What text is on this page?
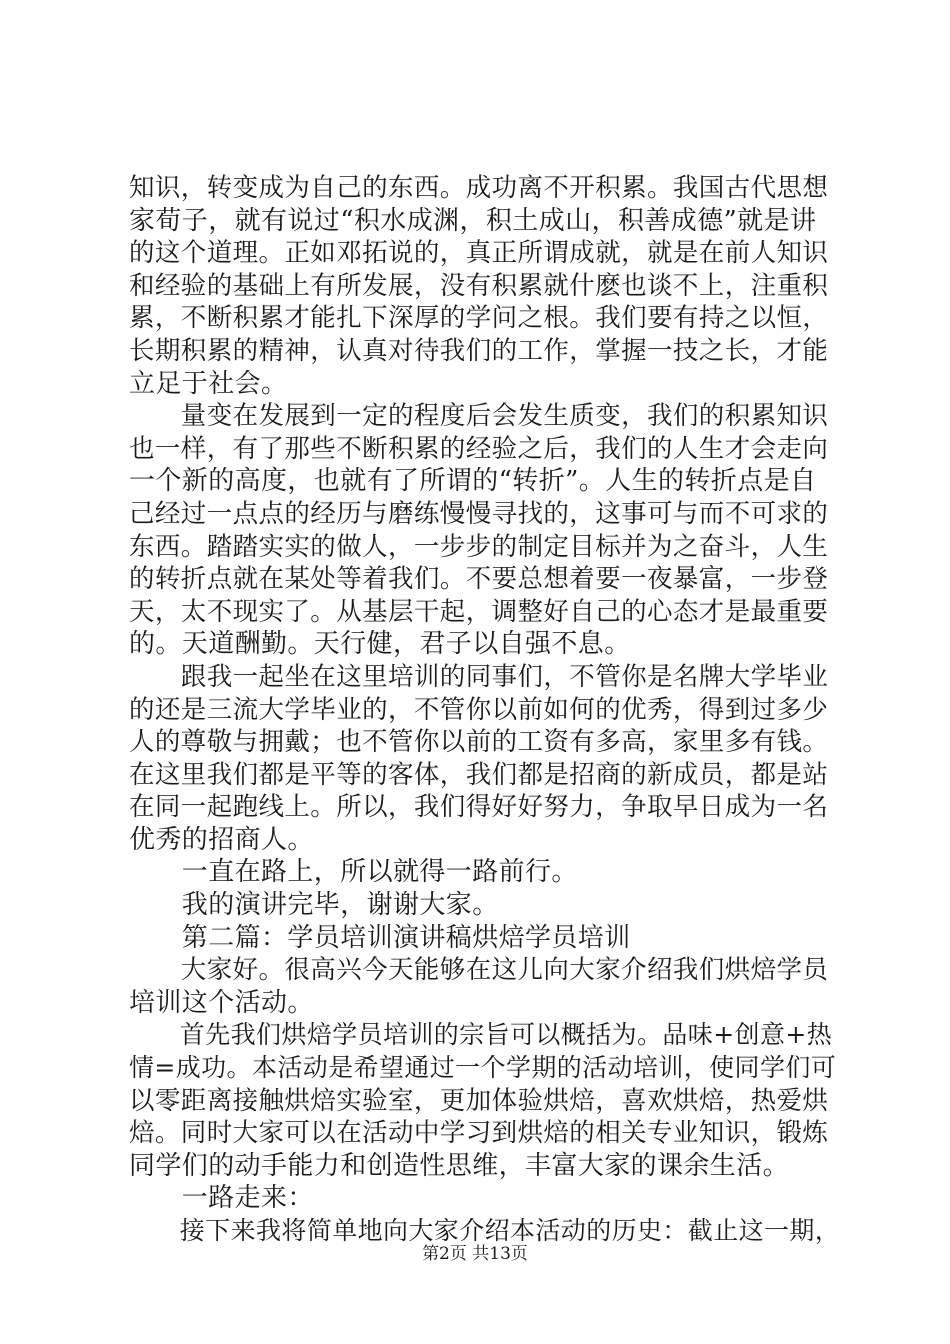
知识，转变成为自己的东西。成功离不开积累。我国古代思想
家荀子，就有说过“积水成渊，积土成山，积善成德”就是讲
的这个道理。正如邓拓说的，真正所谓成就，就是在前人知识
和经验的基础上有所发展，没有积累就什麽也谈不上，注重积
累，不断积累才能扎下深厚的学问之根。我们要有持之以恒，
长期积累的精神，认真对待我们的工作，掌握一技之长，才能
立足于社会。
　　量变在发展到一定的程度后会发生质变，我们的积累知识
也一样，有了那些不断积累的经验之后，我们的人生才会走向
一个新的高度，也就有了所谓的“转折”。人生的转折点是自
己经过一点点的经历与磨练慢慢寻找的，这事可与而不可求的
东西。踏踏实实的做人，一步步的制定目标并为之奋斗，人生
的转折点就在某处等着我们。不要总想着要一夜暴富，一步登
天，太不现实了。从基层干起，调整好自己的心态才是最重要
的。天道酬勤。天行健，君子以自强不息。
　　跟我一起坐在这里培训的同事们，不管你是名牌大学毕业
的还是三流大学毕业的，不管你以前如何的优秀，得到过多少
人的尊敬与拥戴；也不管你以前的工资有多高，家里多有钱。
在这里我们都是平等的客体，我们都是招商的新成员，都是站
在同一起跑线上。所以，我们得好好努力，争取早日成为一名
优秀的招商人。
　　一直在路上，所以就得一路前行。
　　我的演讲完毕，谢谢大家。
　　第二篇：学员培训演讲稿烘焙学员培训
　　大家好。很高兴今天能够在这儿向大家介绍我们烘焙学员
培训这个活动。
　　首先我们烘焙学员培训的宗旨可以概括为。品味+创意+热
情=成功。本活动是希望通过一个学期的活动培训，使同学们可
以零距离接触烘焙实验室，更加体验烘焙，喜欢烘焙，热爱烘
焙。同时大家可以在活动中学习到烘焙的相关专业知识，锻炼
同学们的动手能力和创造性思维，丰富大家的课余生活。
　　一路走来：
　　接下来我将简单地向大家介绍本活动的历史：截止这一期，
第2页 共13页
